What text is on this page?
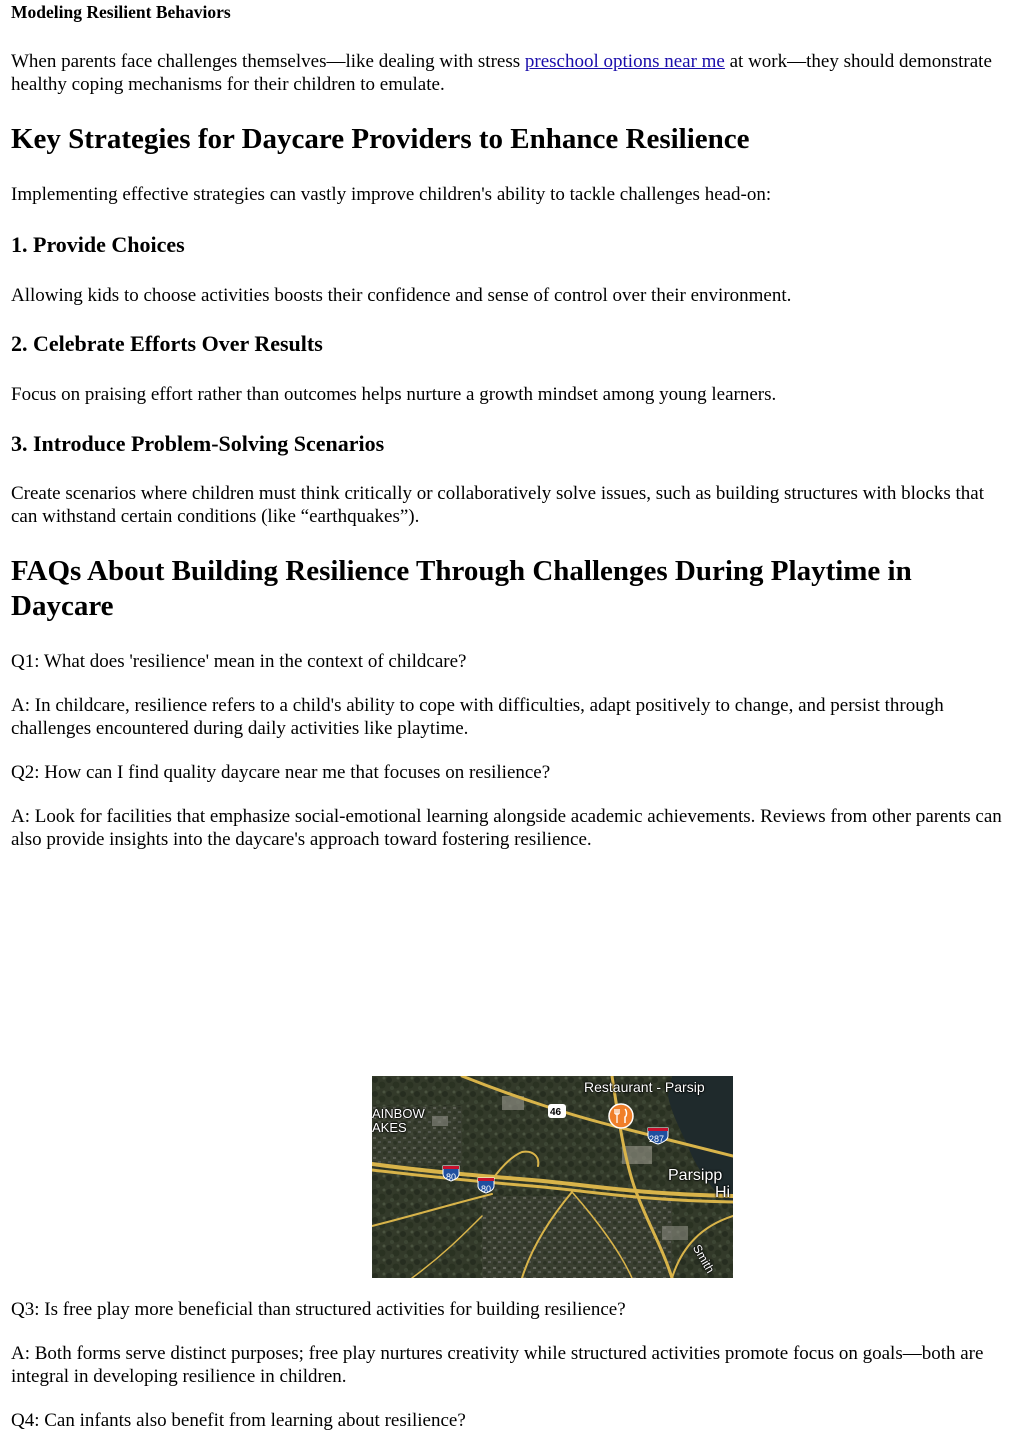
Modeling Resilient Behaviors

When parents face challenges themselves—like dealing with stress preschool options near me at work—they should demonstrate healthy coping mechanisms for their children to emulate.

Key Strategies for Daycare Providers to Enhance Resilience

Implementing effective strategies can vastly improve children's ability to tackle challenges head-on:

1. Provide Choices

Allowing kids to choose activities boosts their confidence and sense of control over their environment.

2. Celebrate Efforts Over Results

Focus on praising effort rather than outcomes helps nurture a growth mindset among young learners.

3. Introduce Problem-Solving Scenarios

Create scenarios where children must think critically or collaboratively solve issues, such as building structures with blocks that can withstand certain conditions (like “earthquakes”).

FAQs About Building Resilience Through Challenges During Playtime in Daycare

Q1: What does 'resilience' mean in the context of childcare?

A: In childcare, resilience refers to a child's ability to cope with difficulties, adapt positively to change, and persist through challenges encountered during daily activities like playtime.

Q2: How can I find quality daycare near me that focuses on resilience?

A: Look for facilities that emphasize social-emotional learning alongside academic achievements. Reviews from other parents can also provide insights into the daycare's approach toward fostering resilience.

Restaurant - Parsip
AINBOW
AKES
Parsipp
Hi
Smith
46
287
80
80

Q3: Is free play more beneficial than structured activities for building resilience?

A: Both forms serve distinct purposes; free play nurtures creativity while structured activities promote focus on goals—both are integral in developing resilience in children.

Q4: Can infants also benefit from learning about resilience?
